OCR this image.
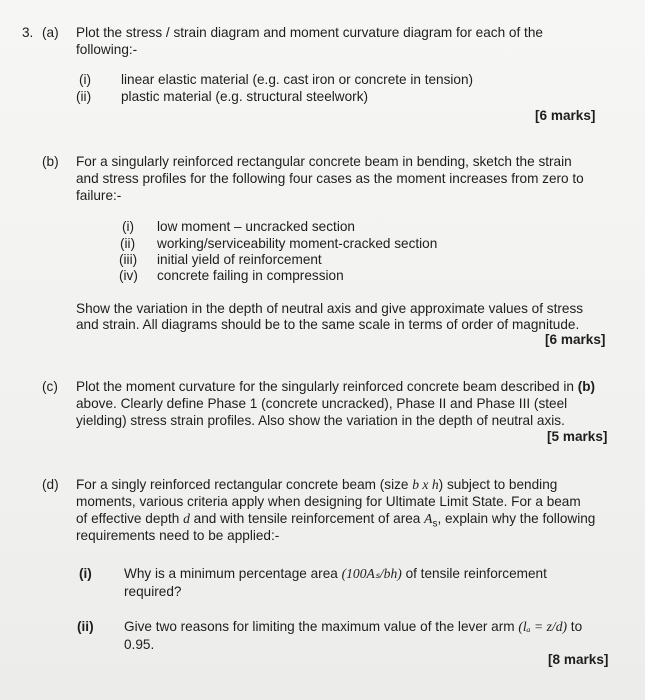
3. (a) Plot the stress / strain diagram and moment curvature diagram for each of the
following:-
(i) linear elastic material (e.g. cast iron or concrete in tension)
(ii) plastic material (e.g. structural steelwork)
[6 marks]
(b) For a singularly reinforced rectangular concrete beam in bending, sketch the strain
and stress profiles for the following four cases as the moment increases from zero to
failure:-
(i) low moment – uncracked section
(ii) working/serviceability moment-cracked section
(iii) initial yield of reinforcement
(iv) concrete failing in compression
Show the variation in the depth of neutral axis and give approximate values of stress
and strain. All diagrams should be to the same scale in terms of order of magnitude.
[6 marks]
(c) Plot the moment curvature for the singularly reinforced concrete beam described in (b)
above. Clearly define Phase 1 (concrete uncracked), Phase II and Phase III (steel
yielding) stress strain profiles. Also show the variation in the depth of neutral axis.
[5 marks]
(d) For a singly reinforced rectangular concrete beam (size b x h) subject to bending
moments, various criteria apply when designing for Ultimate Limit State. For a beam
of effective depth d and with tensile reinforcement of area $A_s$, explain why the following
requirements need to be applied:-
(i) Why is a minimum percentage area (100Aₛ/bh) of tensile reinforcement
required?
(ii) Give two reasons for limiting the maximum value of the lever arm (lₐ = z/d) to
0.95.
[8 marks]
